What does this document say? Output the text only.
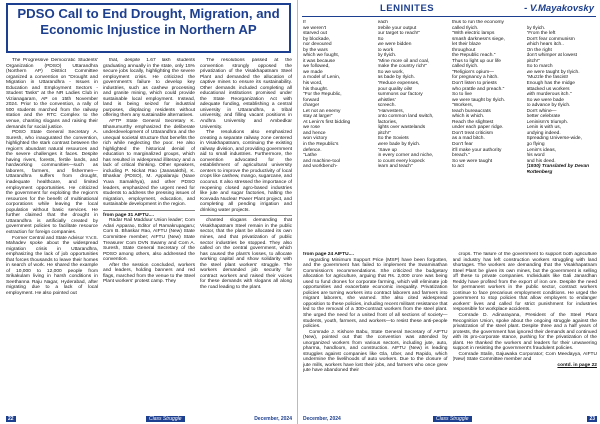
PDSO Call to End Drought, Migration, and
Economic Injustice in Northern AP

The Progressive Democratic Students' Organization (PDSO) Uttarandhra (Northern AP) District Committee organized a convention on "Drought and Migration in Uttarandhra - Issues in Education and Employment Sectors - Student Tasks" at the NR Ladies Club in Vizianagaram, AP on 15th November 2024. Prior to the convention, a rally of 500 students marched from the railway station and the RTC Complex to the venue, chanting slogans and raising their demands for social justice.

PDSO State General Secretary A. Suresh, who inaugurated the convention, highlighted the stark contrast between the region's abundant natural resources and the severe challenges it faces. Despite having rivers, forests, fertile lands, and hardworking communities—such as laborers, farmers, and fishermen—Uttarandhra suffers from drought, inadequate healthcare, and limited employment opportunities. He criticized the government for exploiting the region's resources for the benefit of multinational corporations while leaving the local population without basic services. He further claimed that the drought in Uttarandhra is artificially created by government policies to facilitate resource extraction for foreign companies.

Former Central and State Advisor Y.V.S. Mahadev spoke about the widespread migration crisis in Uttarandhra, emphasizing the lack of job opportunities that forces thousands to leave their homes in search of work. He shared the example of 10,000 to 12,000 people from Srikakulam living in harsh conditions in Seethanna Raju Nagar, Hyderabad, after migrating due to a lack of local employment. He also pointed out

that, despite 1.67 lakh students graduating annually in the state, only 15% secure jobs locally, highlighting the severe employment crisis. He criticized the government's failure to develop key industries, such as cashew processing and granite mining, which could provide sustainable local employment. Instead, land is being seized for industrial purposes, displacing residents without offering them any sustainable alternatives.

AFTP State General Secretary K. Bhanumurthy emphasized the deliberate underdevelopment of Uttarandhra and the unequal societal structure that benefits the rich while neglecting the poor. He also highlighted the historical denial of education to marginalized groups, which has resulted in widespread illiteracy and a lack of critical thinking. Other speakers, including P. Nickat Rao (Janasakthi), K. Bhaskar (PDSO), M. Appalaraju (Naxe Yuva Samakhya), and other PDSO leaders, emphasized the urgent need for students to address the pressing issues of migration, employment, education, and sustainable development in the region.

from page 31 AIFTU....

Radar Rail Madduur Union leader; Com Adari Apparao, Editor of Ramakrupagaru; Com B. Bhaskar Rao, AIFTU (New) State Committee member; AIFTU (New) State Treasurer Com DVN Swamy and Com A. Suresh, State General Secretary of the PDSO among others, also addressed the convention.

After the session concluded, workers and leaders, holding banners and red flags, marched from the venue to the Steel Plant workers' protest camp. They

The resolutions passed at the convention strongly opposed the privatization of the Visakhapatnam Steel Plant and demanded the allocation of captive mines to ensure its sustainability. Other demands included completing all educational institutions promised under the State Reorganization Act with adequate funding, establishing a central university in Uttarandhra, a tribal university, and filling vacant positions in Andhra University and Ambedkar University.

The resolutions also emphasized creating a separate railway zone centered in Visakhapatnam, continuing the existing railway division, and providing government aid to small industries. Furthermore, the convention advocated for the establishment of agricultural university centers to improve the productivity of local crops like cashew, mango, sugarcane, and coconut. It also stressed the importance of reopening closed agro-based industries like jute and sugar factories, halting the Kovvada Nuclear Power Plant project, and completing all pending irrigation and drinking water projects.

chanted slogans demanding that Visakhapatnam Steel remain in the public sector, that the plant be allocated its own mines, and that privatization of public sector industries be stopped. They also called on the central government, which has caused the plant's losses, to allocate working capital and show solidarity with the steel plant workers' struggle. The workers demanded job security for contract workers and raised their voices for these demands with slogans all along the road leading to the plant.

22	Class Struggle	December, 2024
LENINITES	- V.Mayakovsky
If
we weren't
starved out
by blockade,
nor devoured
by the wars
which we fought,
it was because
we followed,
we made
a model of Lenin,
his word,
his thought.
"For the Republic,
forward
charge!
Let not an enemy
stay at large!"
At Lenin's first bidding
we rose
and hence
won victory
in the Republic's
defence.
"Lathe
and machine-tool
and workbench-
each
trebile your output
our target to reach!"
So
we were bidden
to work
by Ilyich.
"Mine more oil and coal,
make the country rich!"
So we work,
as bade by Ilyich.
"Reduce expenses,
pour quality oils!
summons our factory
whistles'
screech.
"Harvesters,
onto common land switch,
factories,
lights over wastelands
pitch!"
So the Soviets
were bade by Ilyich.
"Save up
in every corner and niche,
to count every kopeck
learn and teach"
thus to run the economy
called Ilyich.
"With electric lamps
smash darkness's siege,
let their blaze
throughout
the Republic reach."
Thus to light up our life
called Ilyich.
"Religion's opium—
for pregnancy a hitch.
Don't listen to priests
who prattle and preach."
So to live
we were taught by Ilyich.
"Workers,
teach bureaucrats
which is which.
Reach the slightest
under each paper ridge.
Don't treat criticism
as a mad bitch.
Don't fear
it'll make your authority
breach."
So we were taught
to act

by Ilyich.
"From the left
Don't fear communism
which hears itch..
On the right
don't whimper at lowest
pitch!"
So to march
we were taught by Ilyich.
"Muzzle the fascist!
Enough has the midge
attacked us workers
with murderous itch."
So we were bade
to advance by Ilyich.
Don't whine—
better celebrate
Leninism's triumph.
Lenin is with us,
undying indeed.
Spreading Universe-wide,
go flying
Lenin's ideas,
his word
and his deed.

(1930) Translated by Devan Rottenberg

from page 24 AIFTU....

regarding Minimum Support Price (MSP) have been forgotten, and the government has failed to implement the Swaminathan Commission's recommendations. She criticized the budgetary allocation for agriculture, arguing that Rs. 2,000 crore was being used to fund drones for corporate farming, which will eliminate job opportunities and exacerbate economic inequality. Privatization policies are turning workers into contract laborers and farmers into migrant laborers, she warned. She also cited widespread opposition to these policies, including recent militant resistance that led to the removal of a 300-contract workers from the steel plant. She urged the need for a united front of all sections of society—students, youth, farmers, and workers—to resist these anti-people policies.

Comrade J. Kishore Babu, State General Secretary of AIFTU (New), pointed out that the convention was attended by unorganized workers from various sectors, including jute, auto, pharma, handloom, and construction. AIFTU (New) is leading struggles against companies like Gla, Uber, and Rapido, which undermine the livelihoods of auto workers. Due to the closure of jute mills, workers have lost their jobs, and farmers who once grew jute have abandoned their

crops. The failure of the government to support both agriculture and industry has left construction workers struggling with land shortages. The workers are demanding that the Visakhapatnam Steel Plant be given its own mines, but the government is selling off these to private companies. Individuals like Gali Janardhan Reddy have profited from the export of iron ore. Despite the need for permanent workers in the public sector, contract workers continue to face precarious employment conditions. He urged the government to stop policies that allow employers to endanger workers' lives and called for strict punishment for industries responsible for workplace accidents.

Comrade D. Adinarayana, President of the Steel Plant Recognition Union, spoke about the ongoing struggle against the privatization of the steel plant. Despite three and a half years of protests, the government has ignored their demands and continued with its pro-corporate stance, pushing for the privatization of the plant. He thanked the workers and leaders for their unwavering support in resisting the government's fraudulent policies.

Comrade Stalin, Gajuwaka Corporator; Com Meedayya, AIFTU (New) State Committee member and

contd. in page 22
December, 2024	Class Struggle	23
